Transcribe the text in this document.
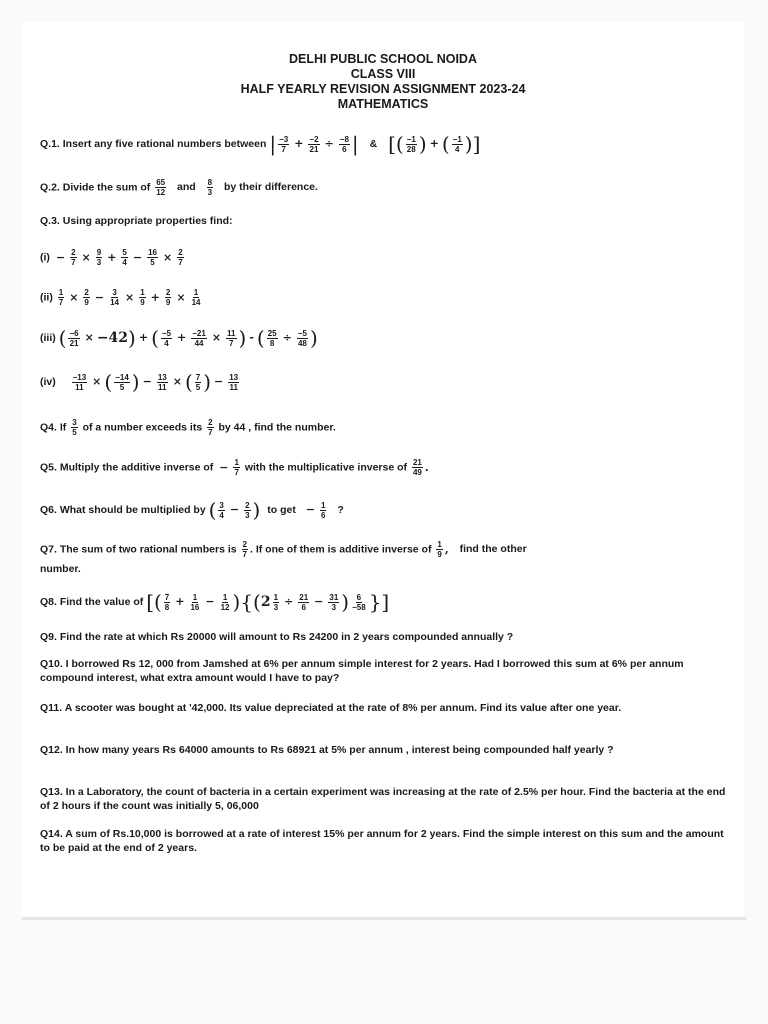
DELHI PUBLIC SCHOOL NOIDA
CLASS VIII
HALF YEARLY REVISION ASSIGNMENT 2023-24
MATHEMATICS
Q.1. Insert any five rational numbers between | $\frac{-3}{7} + \frac{-2}{21} \div \frac{-8}{6}$ | & [( $\frac{-1}{28}$ ) + ( $\frac{-1}{4}$ )]
Q.2. Divide the sum of $\frac{65}{12}$ and $\frac{8}{3}$ by their difference.
Q.3. Using appropriate properties find:
$(i) - \frac{2}{7} \times \frac{9}{3} + \frac{5}{4} - \frac{16}{5} \times \frac{2}{7}$
$(ii) \frac{1}{7} \times \frac{2}{9} - \frac{3}{14} \times \frac{1}{9} + \frac{2}{9} \times \frac{1}{14}$
(iii) ( $\frac{-6}{21} \times -42$ ) + ( $\frac{-5}{4} + \frac{-21}{44} \times \frac{11}{7}$ ) - ( $\frac{25}{8} \div \frac{-5}{48}$ )
$(iv) \frac{-13}{11}$ × ( $\frac{-14}{5}$ ) − $\frac{13}{11}$ × ( $\frac{7}{5}$ ) − $\frac{13}{11}$
Q4. If $\frac{3}{5}$ of a number exceeds its $\frac{2}{7}$ by 44 , find the number.
Q5. Multiply the additive inverse of − $\frac{1}{7}$ with the multiplicative inverse of $\frac{21}{49}$ .
Q6. What should be multiplied by ( $\frac{3}{4} - \frac{2}{3}$ ) to get − $\frac{1}{6}$ ?
Q7. The sum of two rational numbers is $\frac{2}{7}$ . If one of them is additive inverse of $\frac{1}{9}$ , find the other
number.
Q8. Find the value of [( $\frac{7}{8} + \frac{1}{16} - \frac{1}{12}$ ) {( $2 \frac{1}{3} \div \frac{21}{6} - \frac{31}{3}$ ) $\frac{6}{-58}$ }]
Q9. Find the rate at which Rs 20000 will amount to Rs 24200 in 2 years compounded annually ?
Q10. I borrowed Rs 12, 000 from Jamshed at 6% per annum simple interest for 2 years. Had I borrowed this sum at 6% per annum compound interest, what extra amount would I have to pay?
Q11. A scooter was bought at '42,000. Its value depreciated at the rate of 8% per annum. Find its value after one year.
Q12. In how many years Rs 64000 amounts to Rs 68921 at 5% per annum , interest being compounded half yearly ?
Q13. In a Laboratory, the count of bacteria in a certain experiment was increasing at the rate of 2.5% per hour. Find the bacteria at the end of 2 hours if the count was initially 5, 06,000
Q14. A sum of Rs.10,000 is borrowed at a rate of interest 15% per annum for 2 years. Find the simple interest on this sum and the amount to be paid at the end of 2 years.
